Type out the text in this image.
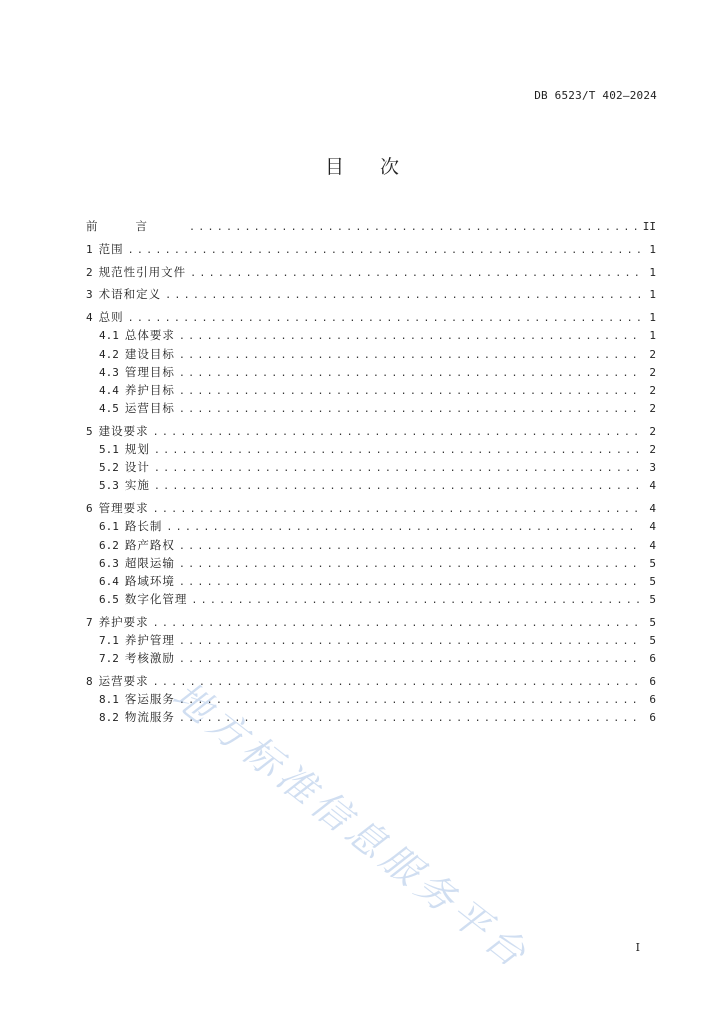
DB 6523/T 402—2024
目次
前言 . . .	II
1 范围 . . .	1
2 规范性引用文件 . . .	1
3 术语和定义 . . .	1
4 总则 . . .	1
4.1 总体要求 . . .	1
4.2 建设目标 . . .	2
4.3 管理目标 . . .	2
4.4 养护目标 . . .	2
4.5 运营目标 . . .	2
5 建设要求 . . .	2
5.1 规划 . . .	2
5.2 设计 . . .	3
5.3 实施 . . .	4
6 管理要求 . . .	4
6.1 路长制 . . .	4
6.2 路产路权 . . .	4
6.3 超限运输 . . .	5
6.4 路域环境 . . .	5
6.5 数字化管理 . . .	5
7 养护要求 . . .	5
7.1 养护管理 . . .	5
7.2 考核激励 . . .	6
8 运营要求 . . .	6
8.1 客运服务 . . .	6
8.2 物流服务 . . .	6
地方标准信息服务平台	I
